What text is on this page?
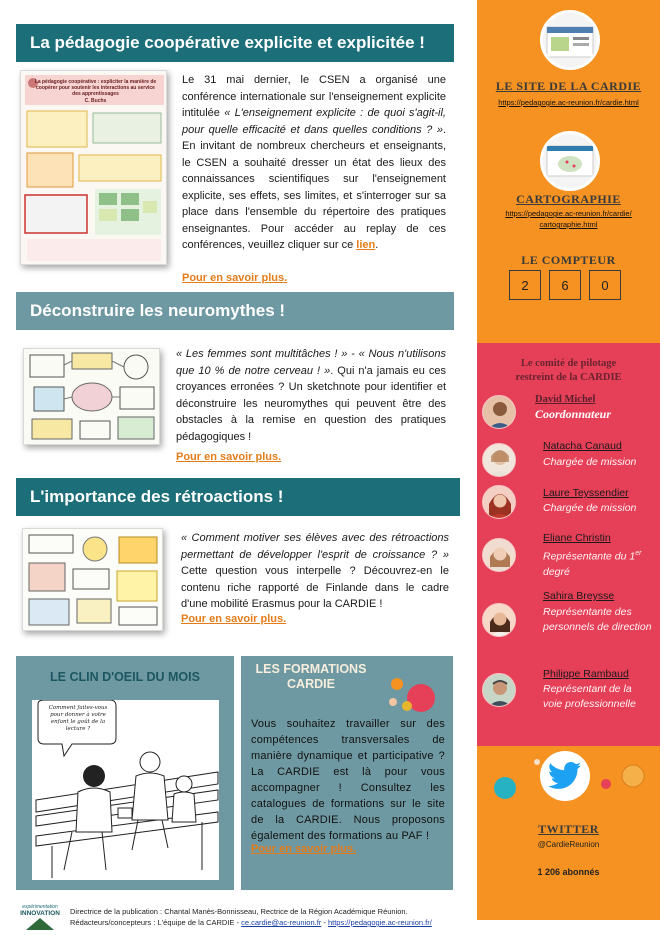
La pédagogie coopérative explicite et explicitée !
La pédagogie coopérative : expliciter la manière de coopérer pour soutenir les interactions au service des apprentissages
C. Buchs
Le 31 mai dernier, le CSEN a organisé une conférence internationale sur l'enseignement explicite intitulée « L'enseignement explicite : de quoi s'agit-il, pour quelle efficacité et dans quelles conditions ? ». En invitant de nombreux chercheurs et enseignants, le CSEN a souhaité dresser un état des lieux des connaissances scientifiques sur l'enseignement explicite, ses effets, ses limites, et s'interroger sur sa place dans l'ensemble du répertoire des pratiques enseignantes. Pour accéder au replay de ces conférences, veuillez cliquer sur ce lien.
Pour en savoir plus.
Déconstruire les neuromythes !
« Les femmes sont multitâches ! » - « Nous n'utilisons que 10 % de notre cerveau ! ». Qui n'a jamais eu ces croyances erronées ? Un sketchnote pour identifier et déconstruire les neuromythes qui peuvent être des obstacles à la remise en question des pratiques pédagogiques !
Pour en savoir plus.
L'importance des rétroactions !
« Comment motiver ses élèves avec des rétroactions permettant de développer l'esprit de croissance ? » Cette question vous interpelle ? Découvrez-en le contenu riche rapporté de Finlande dans le cadre d'une mobilité Erasmus pour la CARDIE !
Pour en savoir plus.
LE CLIN D'OEIL DU MOIS
Comment faites-vous pour donner à votre enfant le goût de la lecture ?
LES FORMATIONS CARDIE
Vous souhaitez travailler sur des compétences transversales de manière dynamique et participative ? La CARDIE est là pour vous accompagner ! Consultez les catalogues de formations sur le site de la CARDIE. Nous proposons également des formations au PAF !
Pour en savoir plus.
expérimentation
INNOVATION	Directrice de la publication : Chantal Manès-Bonnisseau, Rectrice de la Région Académique Réunion.
Rédacteurs/concepteurs : L'équipe de la CARDIE - ce.cardie@ac-reunion.fr - https://pedagogie.ac-reunion.fr/
LE SITE DE LA CARDIE
https://pedagogie.ac-reunion.fr/cardie.html
CARTOGRAPHIE
https://pedagogie.ac-reunion.fr/cardie/
cartographie.html
LE COMPTEUR
2	6	0
Le comité de pilotage restreint de la CARDIE
David Michel
Coordonnateur
Natacha Canaud
Chargée de mission
Laure Teyssendier
Chargée de mission
Eliane Christin
Représentante du 1er degré
Sahira Breysse
Représentante des personnels de direction
Philippe Rambaud
Représentant de la voie professionnelle
TWITTER
@CardieReunion
1 206 abonnés
